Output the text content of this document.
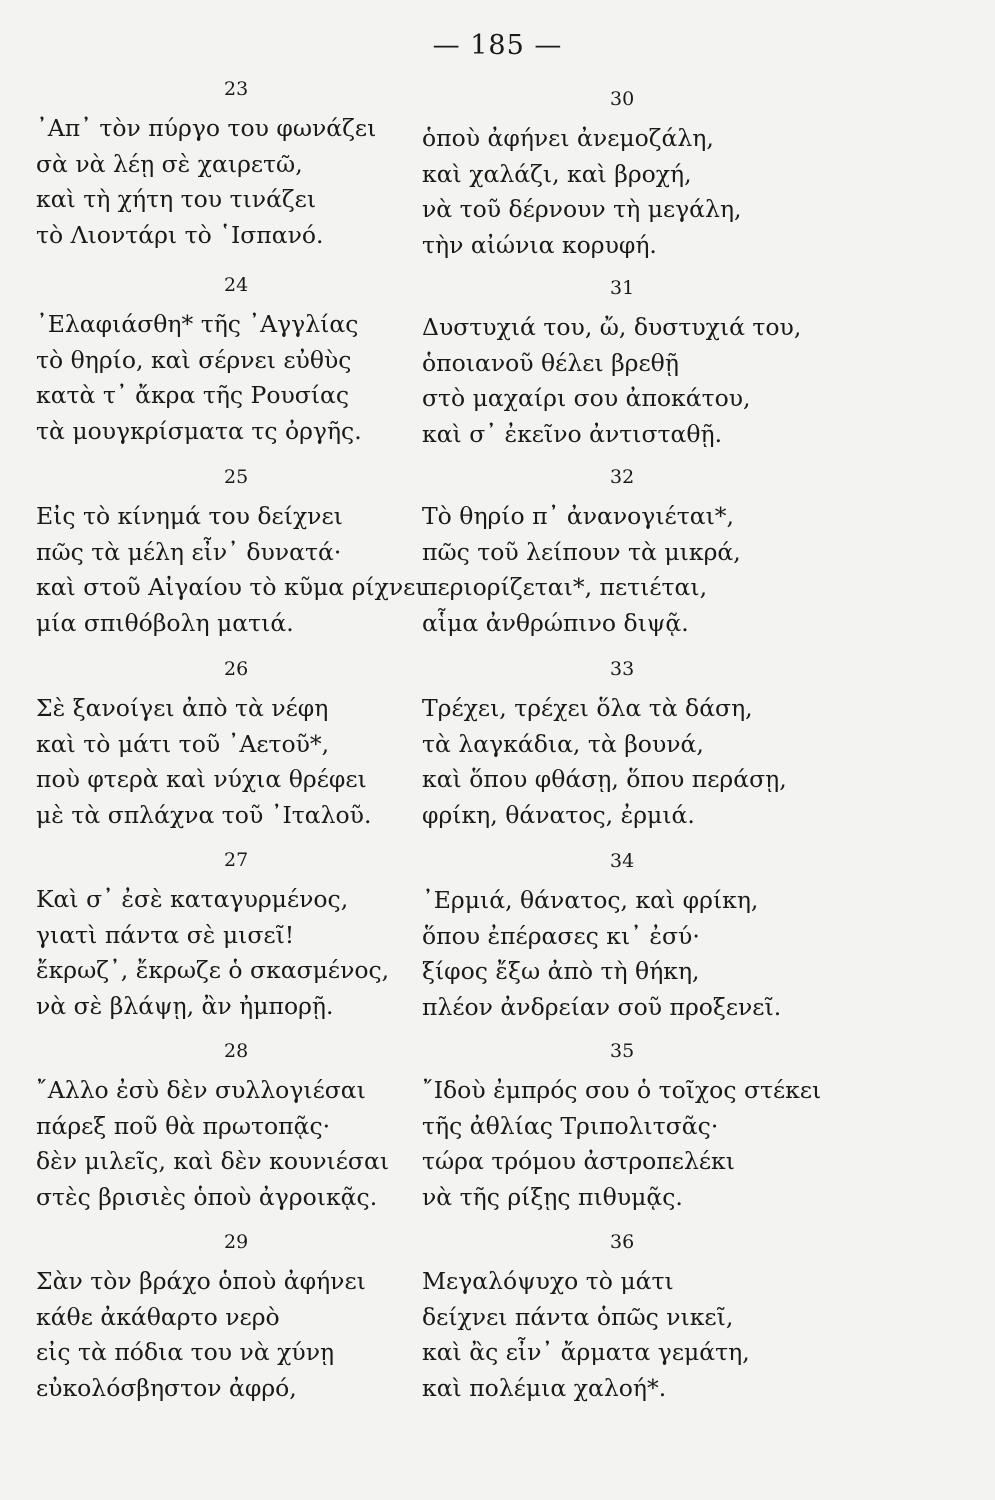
— 185 —
23
᾿Απ᾿ τὸν πύργο του φωνάζει
σὰ νὰ λέῃ σὲ χαιρετῶ,
καὶ τὴ χήτη του τινάζει
τὸ Λιοντάρι τὸ ῾Ισπανό.
24
᾿Ελαφιάσθη* τῆς ᾿Αγγλίας
τὸ θηρίο, καὶ σέρνει εὐθὺς
κατὰ τ᾿ ἄκρα τῆς Ρουσίας
τὰ μουγκρίσματα τς ὀργῆς.
25
Εἰς τὸ κίνημά του δείχνει
πῶς τὰ μέλη εἶν᾿ δυνατά·
καὶ στοῦ Αἰγαίου τὸ κῦμα ρίχνει
μία σπιθόβολη ματιά.
26
Σὲ ξανοίγει ἀπὸ τὰ νέφη
καὶ τὸ μάτι τοῦ ᾿Αετοῦ*,
ποὺ φτερὰ καὶ νύχια θρέφει
μὲ τὰ σπλάχνα τοῦ ᾿Ιταλοῦ.
27
Καὶ σ᾿ ἐσὲ καταγυρμένος,
γιατὶ πάντα σὲ μισεῖ!
ἔκρωζ᾿, ἔκρωζε ὁ σκασμένος,
νὰ σὲ βλάψῃ, ἂν ἠμπορῇ.
28
῎Αλλο ἐσὺ δὲν συλλογιέσαι
πάρεξ ποῦ θὰ πρωτοπᾷς·
δὲν μιλεῖς, καὶ δὲν κουνιέσαι
στὲς βρισιὲς ὁποὺ ἀγροικᾷς.
29
Σὰν τὸν βράχο ὁποὺ ἀφήνει
κάθε ἀκάθαρτο νερὸ
εἰς τὰ πόδια του νὰ χύνῃ
εὐκολόσβηστον ἀφρό,
30
ὁποὺ ἀφήνει ἀνεμοζάλη,
καὶ χαλάζι, καὶ βροχή,
νὰ τοῦ δέρνουν τὴ μεγάλη,
τὴν αἰώνια κορυφή.
31
Δυστυχιά του, ὤ, δυστυχιά του,
ὁποιανοῦ θέλει βρεθῇ
στὸ μαχαίρι σου ἀποκάτου,
καὶ σ᾿ ἐκεῖνο ἀντισταθῇ.
32
Τὸ θηρίο π᾿ ἀνανογιέται*,
πῶς τοῦ λείπουν τὰ μικρά,
περιορίζεται*, πετιέται,
αἷμα ἀνθρώπινο διψᾷ.
33
Τρέχει, τρέχει ὅλα τὰ δάση,
τὰ λαγκάδια, τὰ βουνά,
καὶ ὅπου φθάσῃ, ὅπου περάσῃ,
φρίκη, θάνατος, ἐρμιά.
34
᾿Ερμιά, θάνατος, καὶ φρίκη,
ὅπου ἐπέρασες κι᾿ ἐσύ·
ξίφος ἔξω ἀπὸ τὴ θήκη,
πλέον ἀνδρείαν σοῦ προξενεῖ.
35
῎Ιδοὺ ἐμπρός σου ὁ τοῖχος στέκει
τῆς ἀθλίας Τριπολιτσᾶς·
τώρα τρόμου ἀστροπελέκι
νὰ τῆς ρίξῃς πιθυμᾷς.
36
Μεγαλόψυχο τὸ μάτι
δείχνει πάντα ὁπῶς νικεῖ,
καὶ ἂς εἶν᾿ ἄρματα γεμάτη,
καὶ πολέμια χαλοή*.
